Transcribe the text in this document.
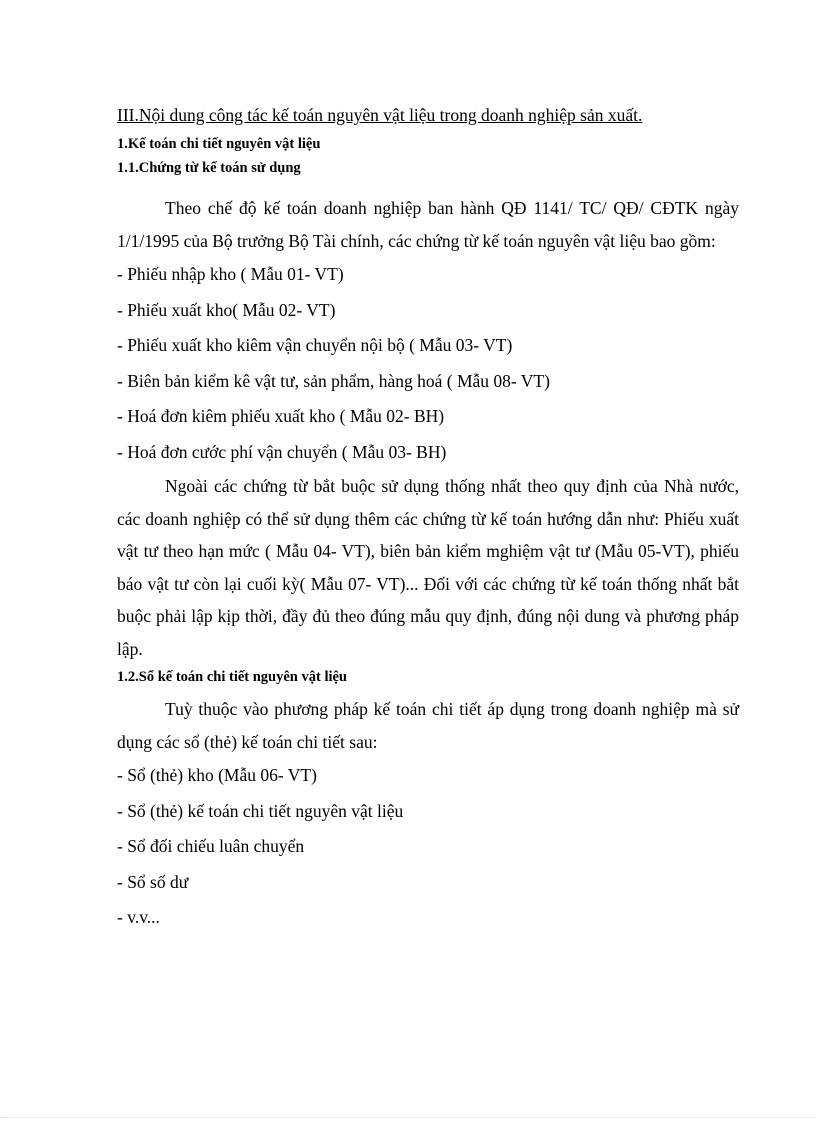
III.Nội dung công tác kế toán nguyên vật liệu trong doanh nghiệp sản xuất.

1.Kế toán chi tiết nguyên vật liệu

1.1.Chứng từ kế toán sử dụng

Theo chế độ kế toán doanh nghiệp ban hành QĐ 1141/ TC/ QĐ/ CĐTK ngày 1/1/1995 của Bộ trưởng Bộ Tài chính, các chứng từ kế toán nguyên vật liệu bao gồm:

- Phiếu nhập kho ( Mẫu 01- VT)
- Phiếu xuất kho( Mẫu 02- VT)
- Phiếu xuất kho kiêm vận chuyển nội bộ ( Mẫu 03- VT)
- Biên bản kiểm kê vật tư, sản phẩm, hàng hoá ( Mẫu 08- VT)
- Hoá đơn kiêm phiếu xuất kho ( Mẫu 02- BH)
- Hoá đơn cước phí vận chuyển ( Mẫu 03- BH)

Ngoài các chứng từ bắt buộc sử dụng thống nhất theo quy định của Nhà nước, các doanh nghiệp có thể sử dụng thêm các chứng từ kế toán hướng dẫn như: Phiếu xuất vật tư theo hạn mức ( Mẫu 04- VT), biên bản kiểm mghiệm vật tư (Mẫu 05-VT), phiếu báo vật tư còn lại cuối kỳ( Mẫu 07- VT)... Đối với các chứng từ kế toán thống nhất bắt buộc phải lập kịp thời, đầy đủ theo đúng mẫu quy định, đúng nội dung và phương pháp lập.

1.2.Sổ kế toán chi tiết nguyên vật liệu

Tuỳ thuộc vào phương pháp kế toán chi tiết áp dụng trong doanh nghiệp mà sử dụng các sổ (thẻ) kế toán chi tiết sau:

- Sổ (thẻ) kho (Mẫu 06- VT)
- Sổ (thẻ) kế toán chi tiết nguyên vật liệu
- Sổ đối chiếu luân chuyển
- Sổ số dư
- v.v...
